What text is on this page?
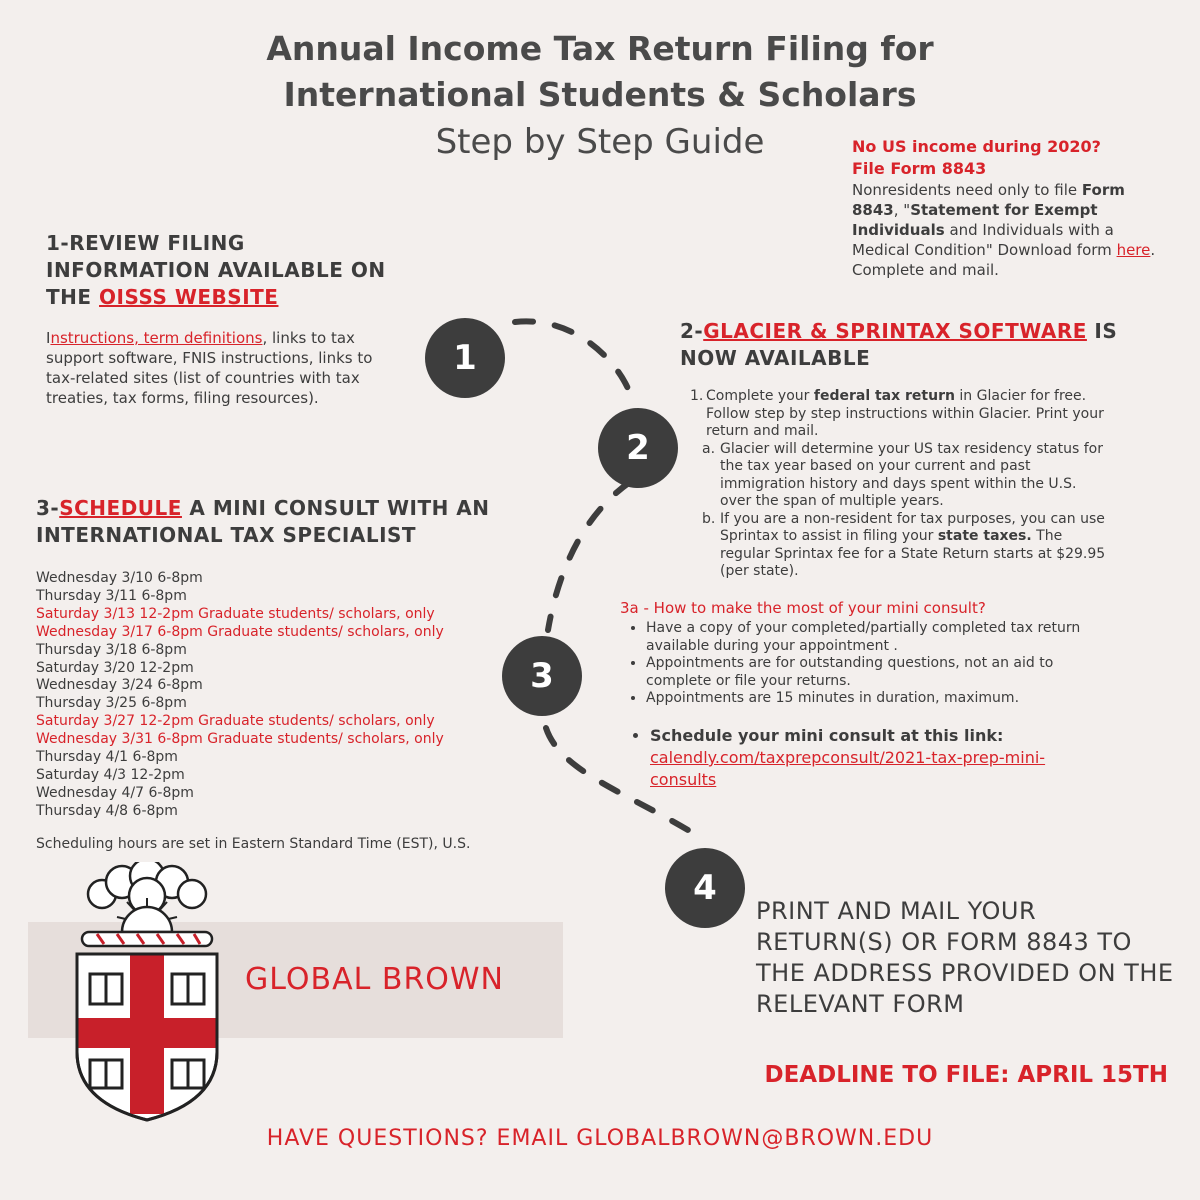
Annual Income Tax Return Filing for
International Students & Scholars
Step by Step Guide	No US income during 2020?
File Form 8843
Nonresidents need only to file Form 8843, "Statement for Exempt Individuals and Individuals with a Medical Condition" Download form here. Complete and mail.
1
2
3
4
1-REVIEW FILING INFORMATION AVAILABLE ON THE OISSS WEBSITE
Instructions, term definitions, links to tax support software, FNIS instructions, links to tax-related sites (list of countries with tax treaties, tax forms, filing resources).
2-GLACIER & SPRINTAX SOFTWARE IS NOW AVAILABLE
1. Complete your federal tax return in Glacier for free. Follow step by step instructions within Glacier. Print your return and mail.
a. Glacier will determine your US tax residency status for the tax year based on your current and past immigration history and days spent within the U.S. over the span of multiple years.
b. If you are a non-resident for tax purposes, you can use Sprintax to assist in filing your state taxes. The regular Sprintax fee for a State Return starts at $29.95 (per state).
3-SCHEDULE A MINI CONSULT WITH AN INTERNATIONAL TAX SPECIALIST
Wednesday 3/10 6-8pm
Thursday 3/11 6-8pm
Saturday 3/13 12-2pm Graduate students/ scholars, only
Wednesday 3/17 6-8pm Graduate students/ scholars, only
Thursday 3/18 6-8pm
Saturday 3/20 12-2pm
Wednesday 3/24 6-8pm
Thursday 3/25 6-8pm
Saturday 3/27 12-2pm Graduate students/ scholars, only
Wednesday 3/31 6-8pm Graduate students/ scholars, only
Thursday 4/1 6-8pm
Saturday 4/3 12-2pm
Wednesday 4/7 6-8pm
Thursday 4/8 6-8pm
Scheduling hours are set in Eastern Standard Time (EST), U.S.
3a - How to make the most of your mini consult?
• Have a copy of your completed/partially completed tax return available during your appointment .
• Appointments are for outstanding questions, not an aid to complete or file your returns.
• Appointments are 15 minutes in duration, maximum.
• Schedule your mini consult at this link:
calendly.com/taxprepconsult/2021-tax-prep-mini-consults
PRINT AND MAIL YOUR RETURN(S) OR FORM 8843 TO THE ADDRESS PROVIDED ON THE RELEVANT FORM
GLOBAL BROWN
DEADLINE TO FILE: APRIL 15TH
HAVE QUESTIONS? EMAIL GLOBALBROWN@BROWN.EDU
